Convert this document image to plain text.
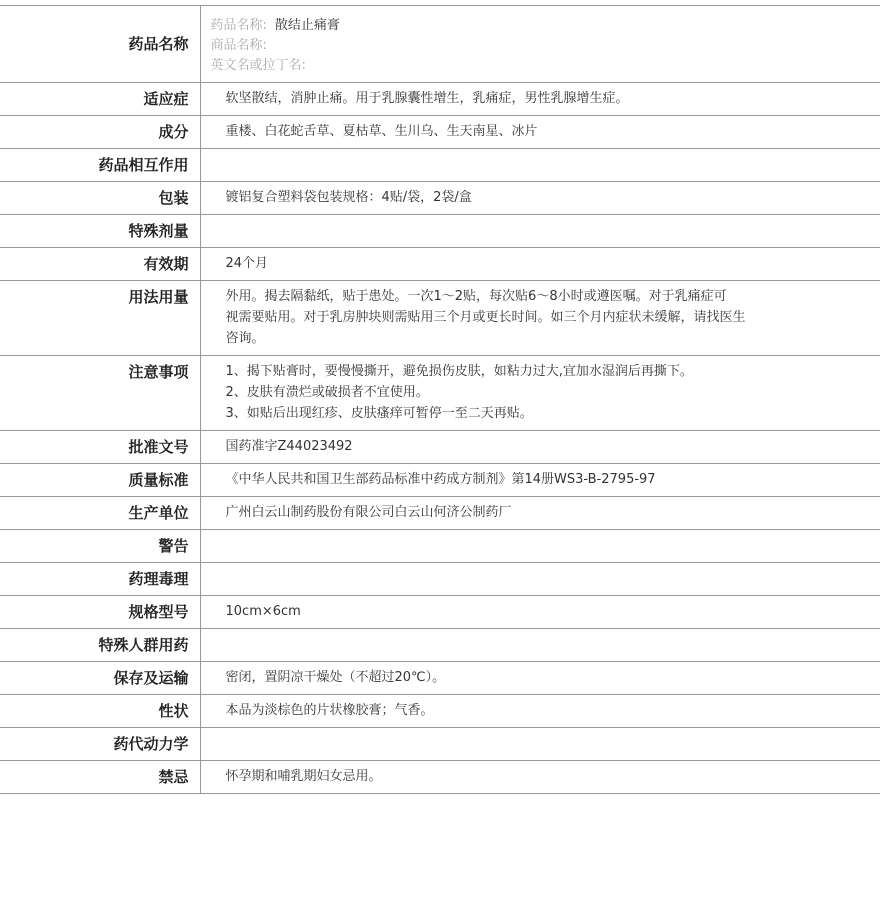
药品名称	药品名称: 散结止痛膏
商品名称:
英文名或拉丁名:

适应症	软坚散结，消肿止痛。用于乳腺囊性增生，乳痛症，男性乳腺增生症。

成分	重楼、白花蛇舌草、夏枯草、生川乌、生天南星、冰片

药品相互作用	

包装	镀铝复合塑料袋包装规格：4贴/袋，2袋/盒

特殊剂量	

有效期	24个月

用法用量	外用。揭去隔黏纸，贴于患处。一次1～2贴，每次贴6～8小时或遵医嘱。对于乳痛症可
视需要贴用。对于乳房肿块则需贴用三个月或更长时间。如三个月内症状未缓解，请找医生
咨询。

注意事项	1、揭下贴膏时，要慢慢撕开，避免损伤皮肤，如粘力过大,宜加水湿润后再撕下。
2、皮肤有溃烂或破损者不宜使用。
3、如贴后出现红疹、皮肤瘙痒可暂停一至二天再贴。

批准文号	国药准字Z44023492

质量标准	《中华人民共和国卫生部药品标准中药成方制剂》第14册WS3-B-2795-97

生产单位	广州白云山制药股份有限公司白云山何济公制药厂

警告	

药理毒理	

规格型号	10cm×6cm

特殊人群用药	

保存及运输	密闭，置阴凉干燥处（不超过20℃）。

性状	本品为淡棕色的片状橡胶膏；气香。

药代动力学	

禁忌	怀孕期和哺乳期妇女忌用。
